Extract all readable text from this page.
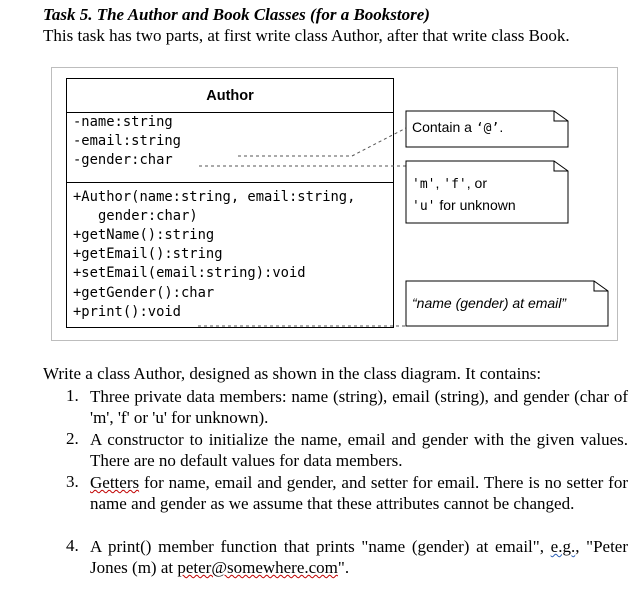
Task 5. The Author and Book Classes (for a Bookstore)
This task has two parts, at first write class Author, after that write class Book.
Author
-name:string
-email:string
-gender:char
+Author(name:string, email:string,
gender:char)
+getName():string
+getEmail():string
+setEmail(email:string):void
+getGender():char
+print():void
Contain a ‘@’.
'm', 'f', or
'u' for unknown
“name (gender) at email”
Write a class Author, designed as shown in the class diagram. It contains:
1. Three private data members: name (string), email (string), and gender (char of 'm', 'f' or 'u' for unknown).
2. A constructor to initialize the name, email and gender with the given values. There are no default values for data members.
3. Getters for name, email and gender, and setter for email. There is no setter for name and gender as we assume that these attributes cannot be changed.
4. A print() member function that prints "name (gender) at email", e.g., "Peter Jones (m) at peter@somewhere.com".
